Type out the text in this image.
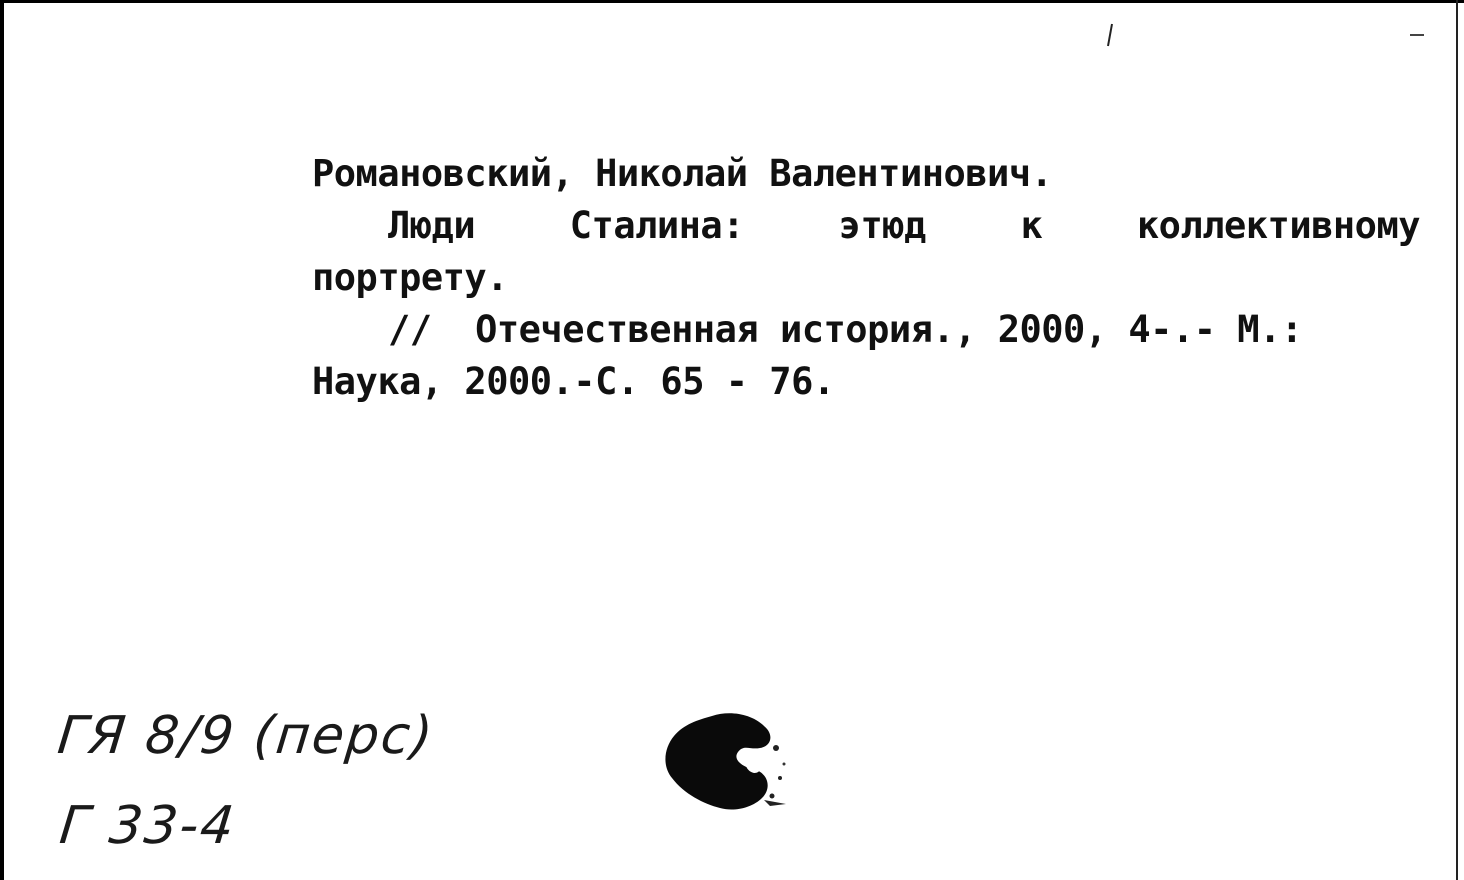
Романовский, Николай Валентинович.
Люди	Сталина:	этюд	к	коллективному
портрету.
//  Отечественная история., 2000, 4-.- М.:
Наука, 2000.-С. 65 - 76.
ГЯ 8/9 (перс)
Г 33-4
